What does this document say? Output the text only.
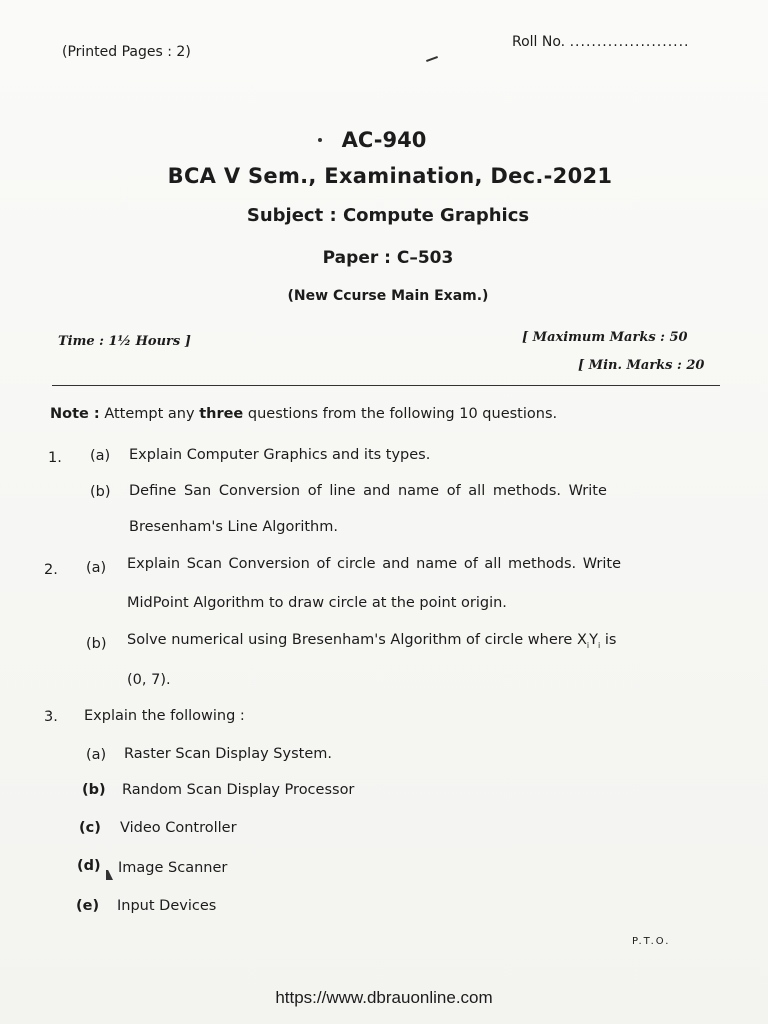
(Printed Pages : 2)
Roll No. ......................
AC-940
BCA V Sem., Examination, Dec.-2021
Subject : Compute Graphics
Paper : C–503
(New Ccurse Main Exam.)
Time : 1½ Hours ]	[ Maximum Marks : 50
[ Min. Marks : 20
Note : Attempt any three questions from the following 10 questions.
1. (a) Explain Computer Graphics and its types.
(b) Define San Conversion of line and name of all methods. Write
Bresenham's Line Algorithm.
2. (a) Explain Scan Conversion of circle and name of all methods. Write
MidPoint Algorithm to draw circle at the point origin.
(b) Solve numerical using Bresenham's Algorithm of circle where $X_iY_i$ is
(0, 7).
3. Explain the following :
(a) Raster Scan Display System.
(b) Random Scan Display Processor
(c) Video Controller
(d) Image Scanner
(e) Input Devices
P.T.O.
https://www.dbrauonline.com
